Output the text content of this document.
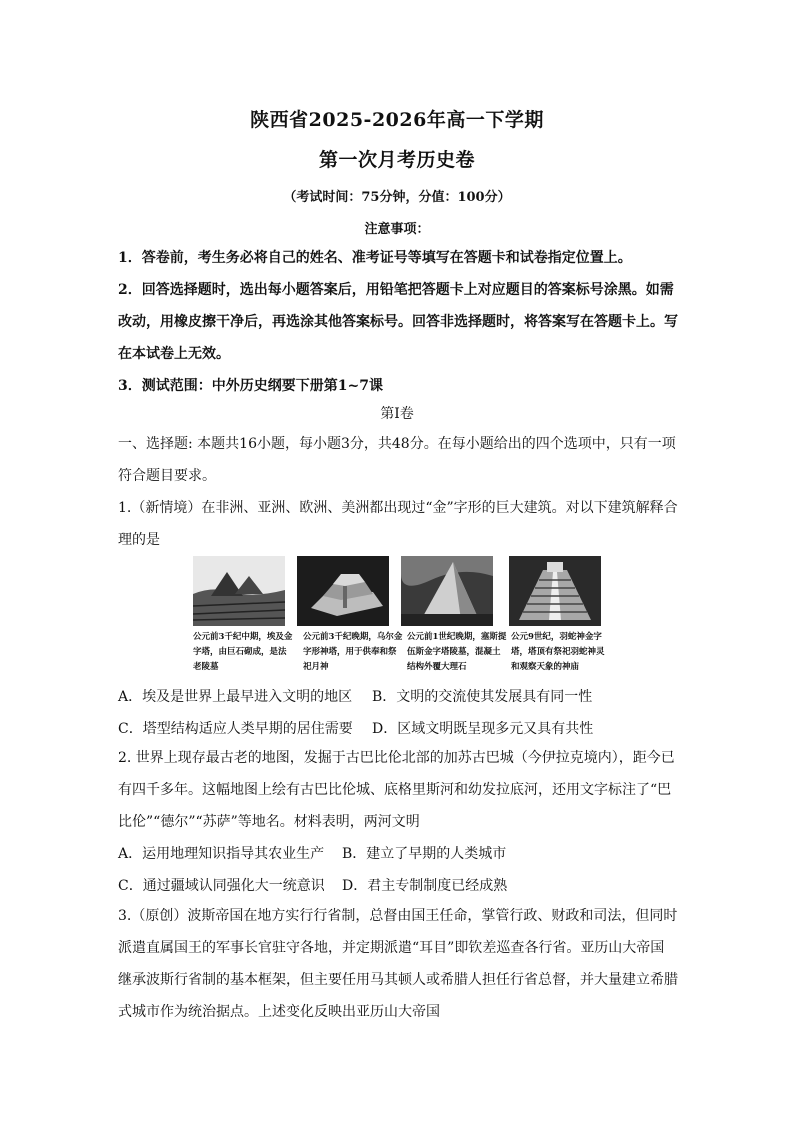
陕西省2025-2026年高一下学期
第一次月考历史卷
（考试时间：75分钟，分值：100分）
注意事项：
1．答卷前，考生务必将自己的姓名、准考证号等填写在答题卡和试卷指定位置上。
2．回答选择题时，选出每小题答案后，用铅笔把答题卡上对应题目的答案标号涂黑。如需改动，用橡皮擦干净后，再选涂其他答案标号。回答非选择题时，将答案写在答题卡上。写在本试卷上无效。
3．测试范围：中外历史纲要下册第1~7课
第Ⅰ卷
一、选择题: 本题共16小题，每小题3分，共48分。在每小题给出的四个选项中，只有一项符合题目要求。
1.（新情境）在非洲、亚洲、欧洲、美洲都出现过“金”字形的巨大建筑。对以下建筑解释合理的是
公元前3千纪中期，埃及金字塔，由巨石砌成，是法老陵墓
公元前3千纪晚期，乌尔金字形神塔，用于供奉和祭祀月神
公元前1世纪晚期，塞斯提伍斯金字塔陵墓，混凝土结构外覆大理石
公元9世纪，羽蛇神金字塔，塔顶有祭祀羽蛇神灵和观察天象的神庙
A．埃及是世界上最早进入文明的地区 B．文明的交流使其发展具有同一性
C．塔型结构适应人类早期的居住需要 D．区域文明既呈现多元又具有共性
2. 世界上现存最古老的地图，发掘于古巴比伦北部的加苏古巴城（今伊拉克境内），距今已有四千多年。这幅地图上绘有古巴比伦城、底格里斯河和幼发拉底河，还用文字标注了“巴比伦”“德尔”“苏萨”等地名。材料表明，两河文明
A．运用地理知识指导其农业生产 B．建立了早期的人类城市
C．通过疆域认同强化大一统意识 D．君主专制制度已经成熟
3.（原创）波斯帝国在地方实行行省制，总督由国王任命，掌管行政、财政和司法，但同时派遣直属国王的军事长官驻守各地，并定期派遣“耳目”即钦差巡查各行省。亚历山大帝国继承波斯行省制的基本框架，但主要任用马其顿人或希腊人担任行省总督，并大量建立希腊式城市作为统治据点。上述变化反映出亚历山大帝国
